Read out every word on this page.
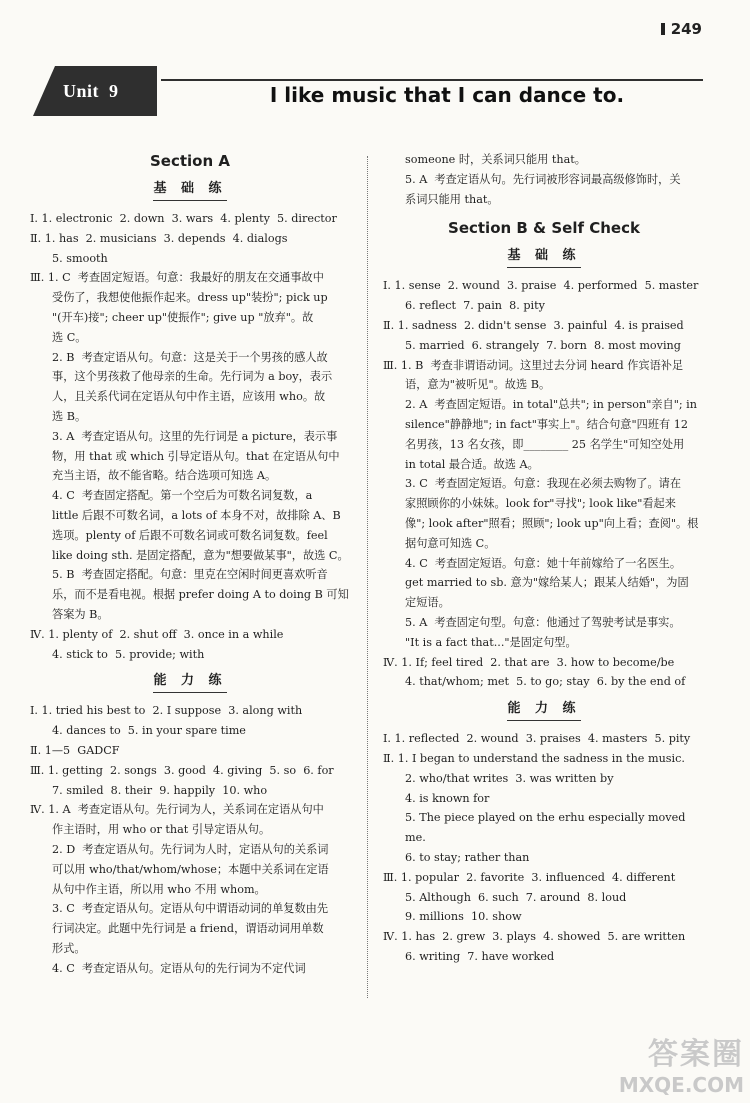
249
Unit 9	I like music that I can dance to.
Section A
基 础 练
Ⅰ. 1. electronic  2. down  3. wars  4. plenty  5. director
Ⅱ. 1. has  2. musicians  3. depends  4. dialogs
5. smooth
Ⅲ. 1. C  考查固定短语。句意：我最好的朋友在交通事故中
受伤了，我想使他振作起来。dress up"装扮"; pick up
"(开车)接"; cheer up"使振作"; give up "放弃"。故
选 C。
2. B  考查定语从句。句意：这是关于一个男孩的感人故
事，这个男孩救了他母亲的生命。先行词为 a boy，表示
人，且关系代词在定语从句中作主语，应该用 who。故
选 B。
3. A  考查定语从句。这里的先行词是 a picture，表示事
物，用 that 或 which 引导定语从句。that 在定语从句中
充当主语，故不能省略。结合选项可知选 A。
4. C  考查固定搭配。第一个空后为可数名词复数，a
little 后跟不可数名词，a lots of 本身不对，故排除 A、B
选项。plenty of 后跟不可数名词或可数名词复数。feel
like doing sth. 是固定搭配，意为"想要做某事"，故选 C。
5. B  考查固定搭配。句意：里克在空闲时间更喜欢听音
乐，而不是看电视。根据 prefer doing A to doing B 可知
答案为 B。
Ⅳ. 1. plenty of  2. shut off  3. once in a while
4. stick to  5. provide; with
能 力 练
Ⅰ. 1. tried his best to  2. I suppose  3. along with
4. dances to  5. in your spare time
Ⅱ. 1—5  GADCF
Ⅲ. 1. getting  2. songs  3. good  4. giving  5. so  6. for
7. smiled  8. their  9. happily  10. who
Ⅳ. 1. A  考查定语从句。先行词为人，关系词在定语从句中
作主语时，用 who or that 引导定语从句。
2. D  考查定语从句。先行词为人时，定语从句的关系词
可以用 who/that/whom/whose；本题中关系词在定语
从句中作主语，所以用 who 不用 whom。
3. C  考查定语从句。定语从句中谓语动词的单复数由先
行词决定。此题中先行词是 a friend，谓语动词用单数
形式。
4. C  考查定语从句。定语从句的先行词为不定代词
someone 时，关系词只能用 that。
5. A  考查定语从句。先行词被形容词最高级修饰时，关
系词只能用 that。
Section B & Self Check
基 础 练
Ⅰ. 1. sense  2. wound  3. praise  4. performed  5. master
6. reflect  7. pain  8. pity
Ⅱ. 1. sadness  2. didn't sense  3. painful  4. is praised
5. married  6. strangely  7. born  8. most moving
Ⅲ. 1. B  考查非谓语动词。这里过去分词 heard 作宾语补足
语，意为"被听见"。故选 B。
2. A  考查固定短语。in total"总共"; in person"亲自"; in
silence"静静地"; in fact"事实上"。结合句意"四班有 12
名男孩，13 名女孩，即________ 25 名学生"可知空处用
in total 最合适。故选 A。
3. C  考查固定短语。句意：我现在必须去购物了。请在
家照顾你的小妹妹。look for"寻找"; look like"看起来
像"; look after"照看；照顾"; look up"向上看；查阅"。根
据句意可知选 C。
4. C  考查固定短语。句意：她十年前嫁给了一名医生。
get married to sb. 意为"嫁给某人；跟某人结婚"，为固
定短语。
5. A  考查固定句型。句意：他通过了驾驶考试是事实。
"It is a fact that..."是固定句型。
Ⅳ. 1. If; feel tired  2. that are  3. how to become/be
4. that/whom; met  5. to go; stay  6. by the end of
能 力 练
Ⅰ. 1. reflected  2. wound  3. praises  4. masters  5. pity
Ⅱ. 1. I began to understand the sadness in the music.
2. who/that writes  3. was written by
4. is known for
5. The piece played on the erhu especially moved me.
6. to stay; rather than
Ⅲ. 1. popular  2. favorite  3. influenced  4. different
5. Although  6. such  7. around  8. loud
9. millions  10. show
Ⅳ. 1. has  2. grew  3. plays  4. showed  5. are written
6. writing  7. have worked
答案圈
MXQE.COM
